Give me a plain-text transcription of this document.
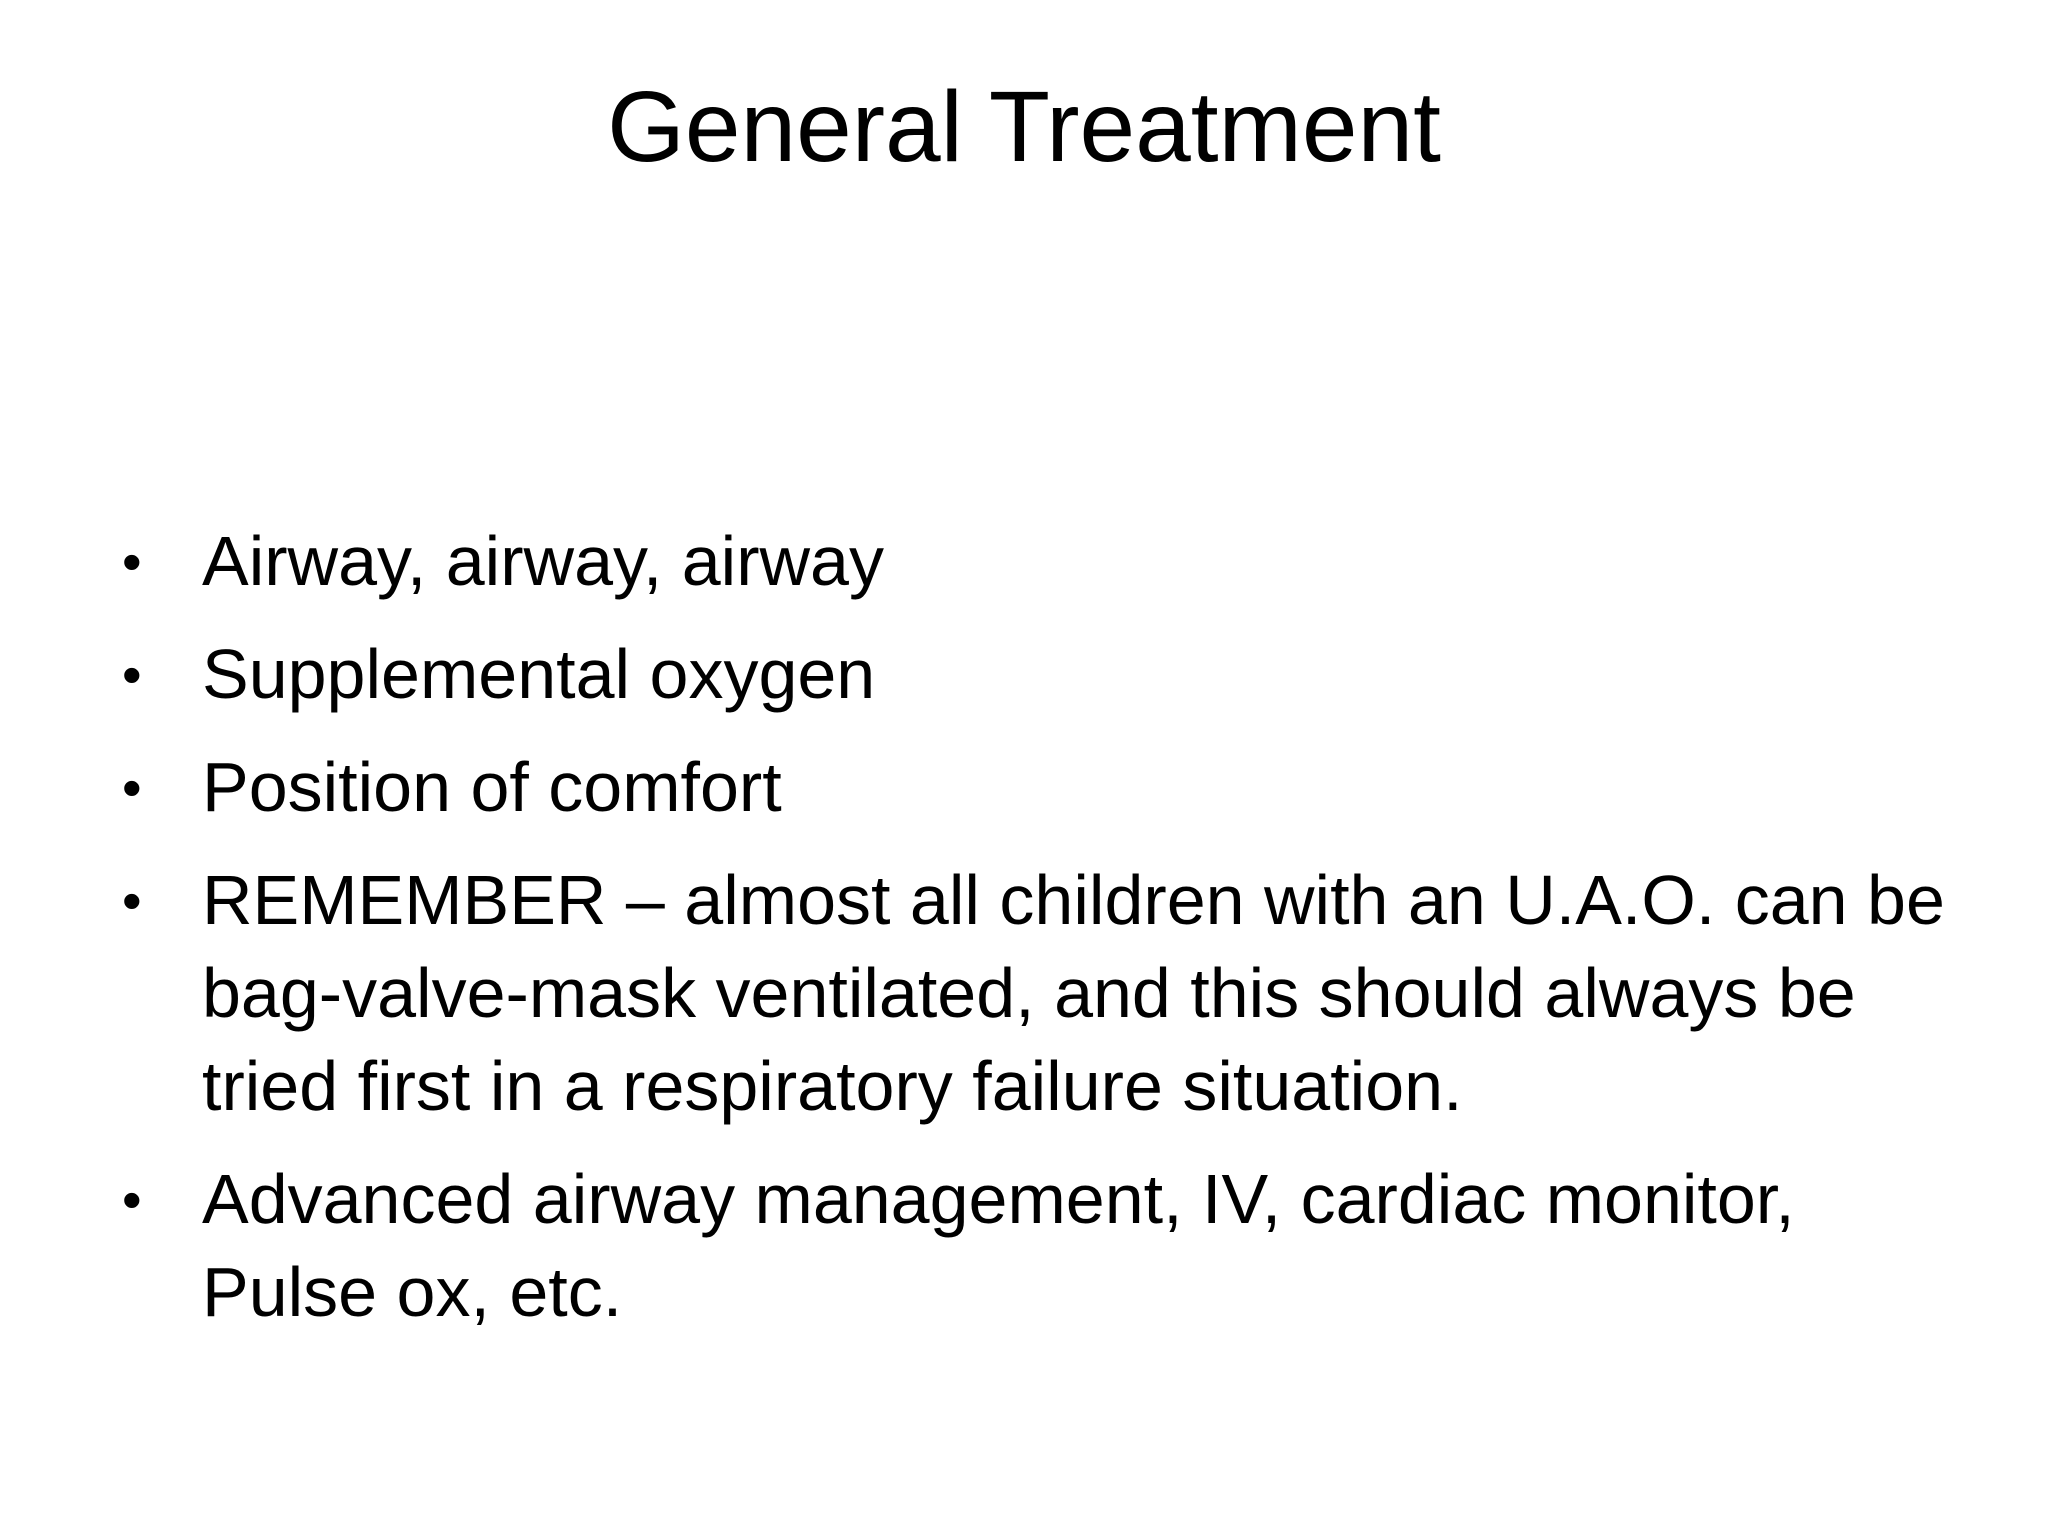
General Treatment
• Airway, airway, airway
• Supplemental oxygen
• Position of comfort
• REMEMBER – almost all children with an U.A.O. can be bag-valve-mask ventilated, and this should always be tried first in a respiratory failure situation.
• Advanced airway management, IV, cardiac monitor, Pulse ox, etc.
